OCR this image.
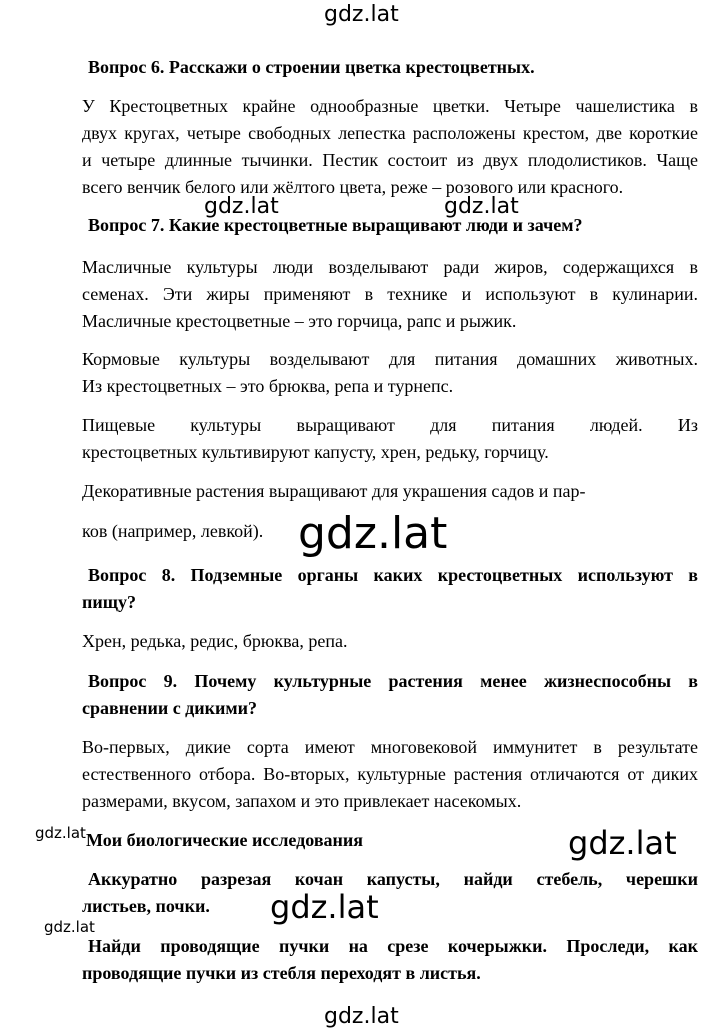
gdz.lat
Вопрос 6. Расскажи о строении цветка крестоцветных.
У Крестоцветных крайне однообразные цветки. Четыре чашелистика в
двух кругах, четыре свободных лепестка расположены крестом, две короткие
и четыре длинные тычинки. Пестик состоит из двух плодолистиков. Чаще
всего венчик белого или жёлтого цвета, реже – розового или красного.
gdz.lat	gdz.lat
Вопрос 7. Какие крестоцветные выращивают люди и зачем?
Масличные культуры люди возделывают ради жиров, содержащихся в
семенах. Эти жиры применяют в технике и используют в кулинарии.
Масличные крестоцветные – это горчица, рапс и рыжик.
Кормовые культуры возделывают для питания домашних животных.
Из крестоцветных – это брюква, репа и турнепс.
Пищевые культуры выращивают для питания людей. Из
крестоцветных культивируют капусту, хрен, редьку, горчицу.
Декоративные растения выращивают для украшения садов и пар-
ков (например, левкой). gdz.lat
Вопрос 8. Подземные органы каких крестоцветных используют в
пищу?
Хрен, редька, редис, брюква, репа.
Вопрос 9. Почему культурные растения менее жизнеспособны в
сравнении с дикими?
Во-первых, дикие сорта имеют многовековой иммунитет в результате
естественного отбора. Во-вторых, культурные растения отличаются от диких
размерами, вкусом, запахом и это привлекает насекомых.
gdz.lat Мои биологические исследования	gdz.lat
Аккуратно разрезая кочан капусты, найди стебель, черешки
листьев, почки. gdz.lat
gdz.lat
Найди проводящие пучки на срезе кочерыжки. Проследи, как
проводящие пучки из стебля переходят в листья.
gdz.lat
